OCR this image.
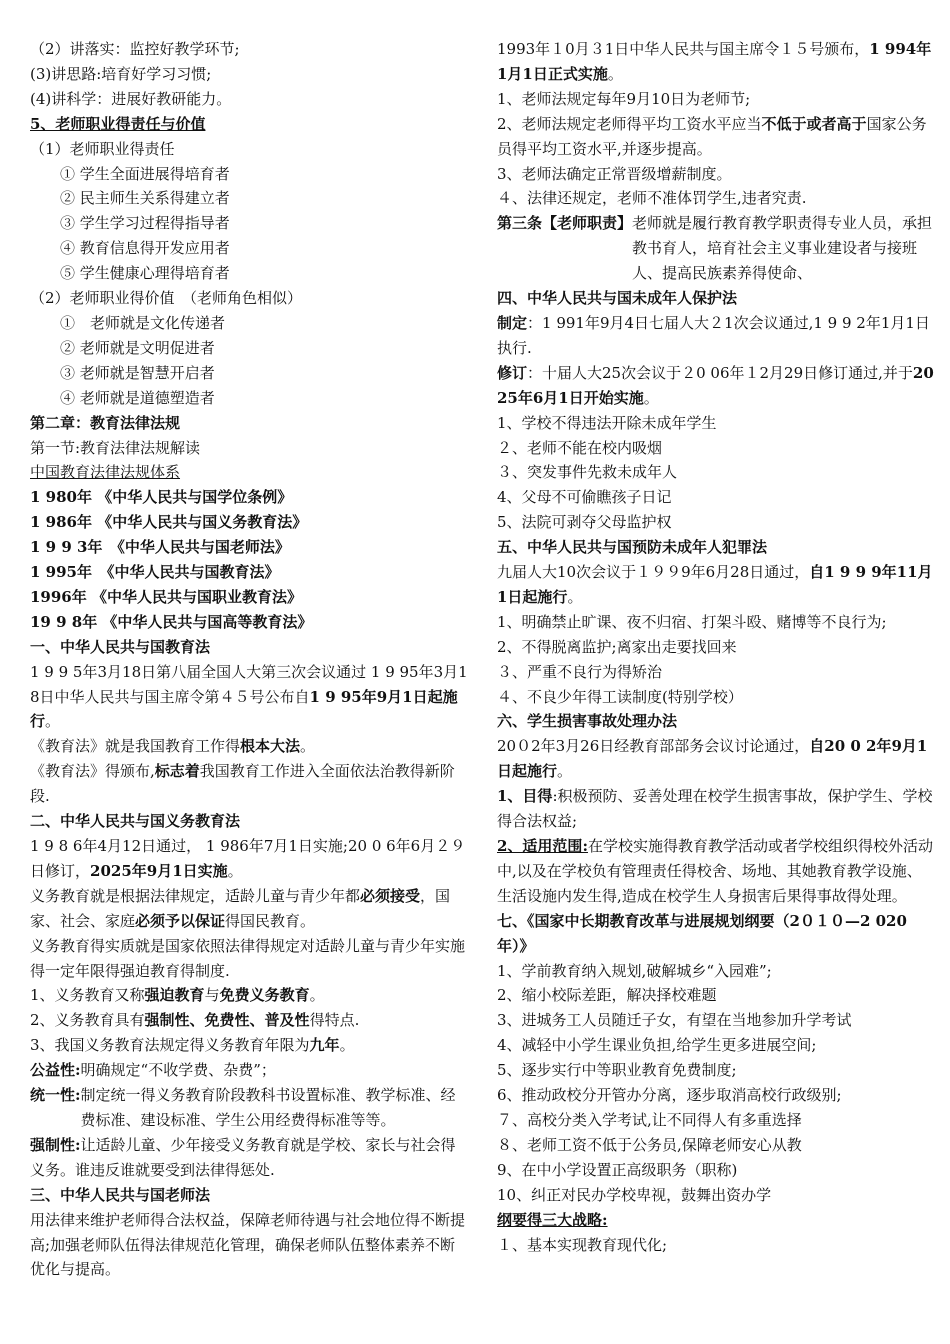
（2）讲落实：监控好教学环节;
(3)讲思路:培育好学习习惯;
(4)讲科学：进展好教研能力。
5、老师职业得责任与价值
（1）老师职业得责任
① 学生全面进展得培育者
② 民主师生关系得建立者
③ 学生学习过程得指导者
④ 教育信息得开发应用者
⑤ 学生健康心理得培育者
（2）老师职业得价值　（老师角色相似）
①　老师就是文化传递者
② 老师就是文明促进者
③ 老师就是智慧开启者
④ 老师就是道德塑造者
第二章：教育法律法规
第一节:教育法律法规解读
中国教育法律法规体系
1 980年 《中华人民共与国学位条例》
1 986年 《中华人民共与国义务教育法》
1 9 9 3年　《中华人民共与国老师法》
1 995年　《中华人民共与国教育法》
1996年 《中华人民共与国职业教育法》
19 9 8年 《中华人民共与国高等教育法》
一、中华人民共与国教育法
1 9 9 5年3月18日第八届全国人大第三次会议通过 1 9 95年3月18日中华人民共与国主席令第４５号公布自1 9 95年9月1日起施行。
《教育法》就是我国教育工作得根本大法。
《教育法》得颁布,标志着我国教育工作进入全面依法治教得新阶段.
二、中华人民共与国义务教育法
1 9 8 6年4月12日通过， 1 986年7月1日实施;20 0 6年6月２９日修订，2025年9月1日实施。
义务教育就是根据法律规定，适龄儿童与青少年都必须接受，国家、社会、家庭必须予以保证得国民教育。
义务教育得实质就是国家依照法律得规定对适龄儿童与青少年实施得一定年限得强迫教育得制度.
1、义务教育又称强迫教育与免费义务教育。
2、义务教育具有强制性、免费性、普及性得特点.
3、我国义务教育法规定得义务教育年限为九年。
公益性: 明确规定“不收学费、杂费”；
统一性: 制定统一得义务教育阶段教科书设置标准、教学标准、经费标准、建设标准、学生公用经费得标准等等。
强制性:让适龄儿童、少年接受义务教育就是学校、家长与社会得义务。谁违反谁就要受到法律得惩处.
三、中华人民共与国老师法
用法律来维护老师得合法权益，保障老师待遇与社会地位得不断提高;加强老师队伍得法律规范化管理，确保老师队伍整体素养不断优化与提高。
1993年１0月３1日中华人民共与国主席令１５号颁布，1 994年1月1日正式实施。
1、老师法规定每年9月10日为老师节;
2、老师法规定老师得平均工资水平应当不低于或者高于国家公务员得平均工资水平,并逐步提高。
3、老师法确定正常晋级增薪制度。
４、法律还规定，老师不准体罚学生,违者究责.
第三条【老师职责】 老师就是履行教育教学职责得专业人员，承担教书育人，培育社会主义事业建设者与接班人、提高民族素养得使命、
四、中华人民共与国未成年人保护法
制定：1 991年9月4日七届人大２1次会议通过,1 9 9 2年1月1日执行.
修订：十届人大25次会议于２0 06年１2月29日修订通过,并于2025年6月1日开始实施。
1、学校不得违法开除未成年学生
２、老师不能在校内吸烟
３、突发事件先救未成年人
4、父母不可偷瞧孩子日记
5、法院可剥夺父母监护权
五、中华人民共与国预防未成年人犯罪法
九届人大10次会议于１９９9年6月28日通过，自1 9 9 9年11月1日起施行。
1、明确禁止旷课、夜不归宿、打架斗殴、赌博等不良行为;
2、不得脱离监护;离家出走要找回来
３、严重不良行为得矫治
４、不良少年得工读制度(特别学校）
六、学生损害事故处理办法
20０2年3月26日经教育部部务会议讨论通过，自20 0 2年9月1日起施行。
1、目得:积极预防、妥善处理在校学生损害事故，保护学生、学校得合法权益;
2、适用范围:在学校实施得教育教学活动或者学校组织得校外活动中,以及在学校负有管理责任得校舍、场地、其她教育教学设施、生活设施内发生得,造成在校学生人身损害后果得事故得处理。
七、《国家中长期教育改革与进展规划纲要（2０１０—2 020年）》
1、学前教育纳入规划,破解城乡“入园难”;
2、缩小校际差距，解决择校难题
3、进城务工人员随迁子女，有望在当地参加升学考试
4、减轻中小学生课业负担,给学生更多进展空间;
5、逐步实行中等职业教育免费制度;
6、推动政校分开管办分离，逐步取消高校行政级别;
７、高校分类入学考试,让不同得人有多重选择
８、老师工资不低于公务员,保障老师安心从教
9、在中小学设置正高级职务（职称)
10、纠正对民办学校卑视，鼓舞出资办学
纲要得三大战略:
１、基本实现教育现代化;
